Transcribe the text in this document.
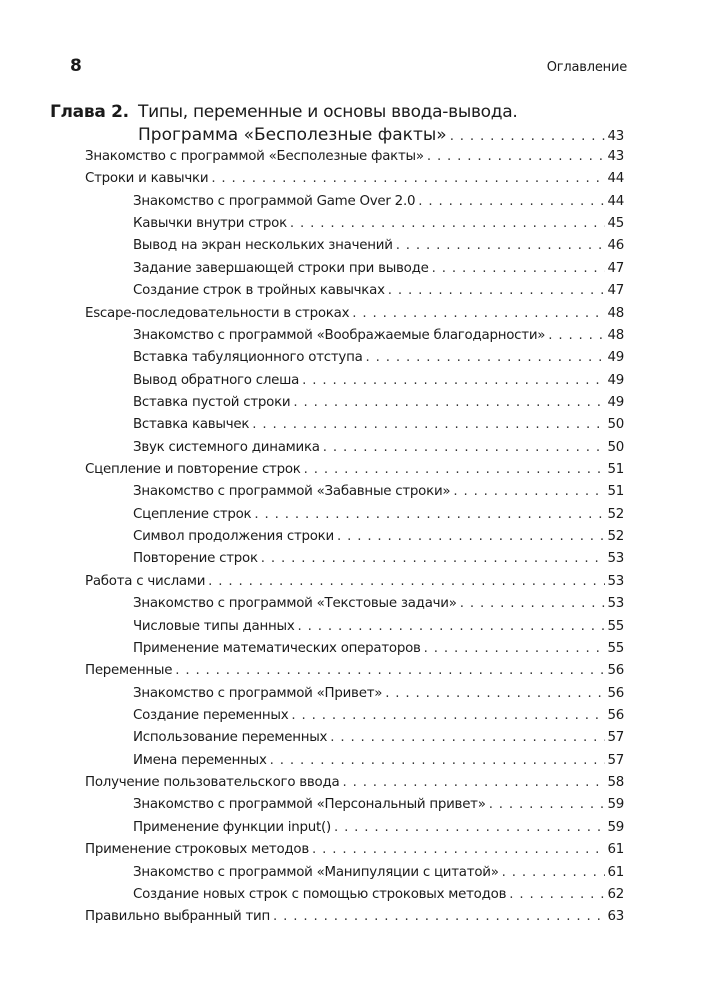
8	Оглавление
Глава 2. Типы, переменные и основы ввода-вывода.
Программа «Бесполезные факты» . . .	43
Знакомство с программой «Бесполезные факты» . . .	43
Строки и кавычки . . .	44
Знакомство с программой Game Over 2.0 . . .	44
Кавычки внутри строк . . .	45
Вывод на экран нескольких значений . . .	46
Задание завершающей строки при выводе . . .	47
Создание строк в тройных кавычках . . .	47
Escape-последовательности в строках . . .	48
Знакомство с программой «Воображаемые благодарности» . . .	48
Вставка табуляционного отступа . . .	49
Вывод обратного слеша . . .	49
Вставка пустой строки . . .	49
Вставка кавычек . . .	50
Звук системного динамика . . .	50
Сцепление и повторение строк . . .	51
Знакомство с программой «Забавные строки» . . .	51
Сцепление строк . . .	52
Символ продолжения строки . . .	52
Повторение строк . . .	53
Работа с числами . . .	53
Знакомство с программой «Текстовые задачи» . . .	53
Числовые типы данных . . .	55
Применение математических операторов . . .	55
Переменные . . .	56
Знакомство с программой «Привет» . . .	56
Создание переменных . . .	56
Использование переменных . . .	57
Имена переменных . . .	57
Получение пользовательского ввода . . .	58
Знакомство с программой «Персональный привет» . . .	59
Применение функции input() . . .	59
Применение строковых методов . . .	61
Знакомство с программой «Манипуляции с цитатой» . . .	61
Создание новых строк с помощью строковых методов . . .	62
Правильно выбранный тип . . .	63
